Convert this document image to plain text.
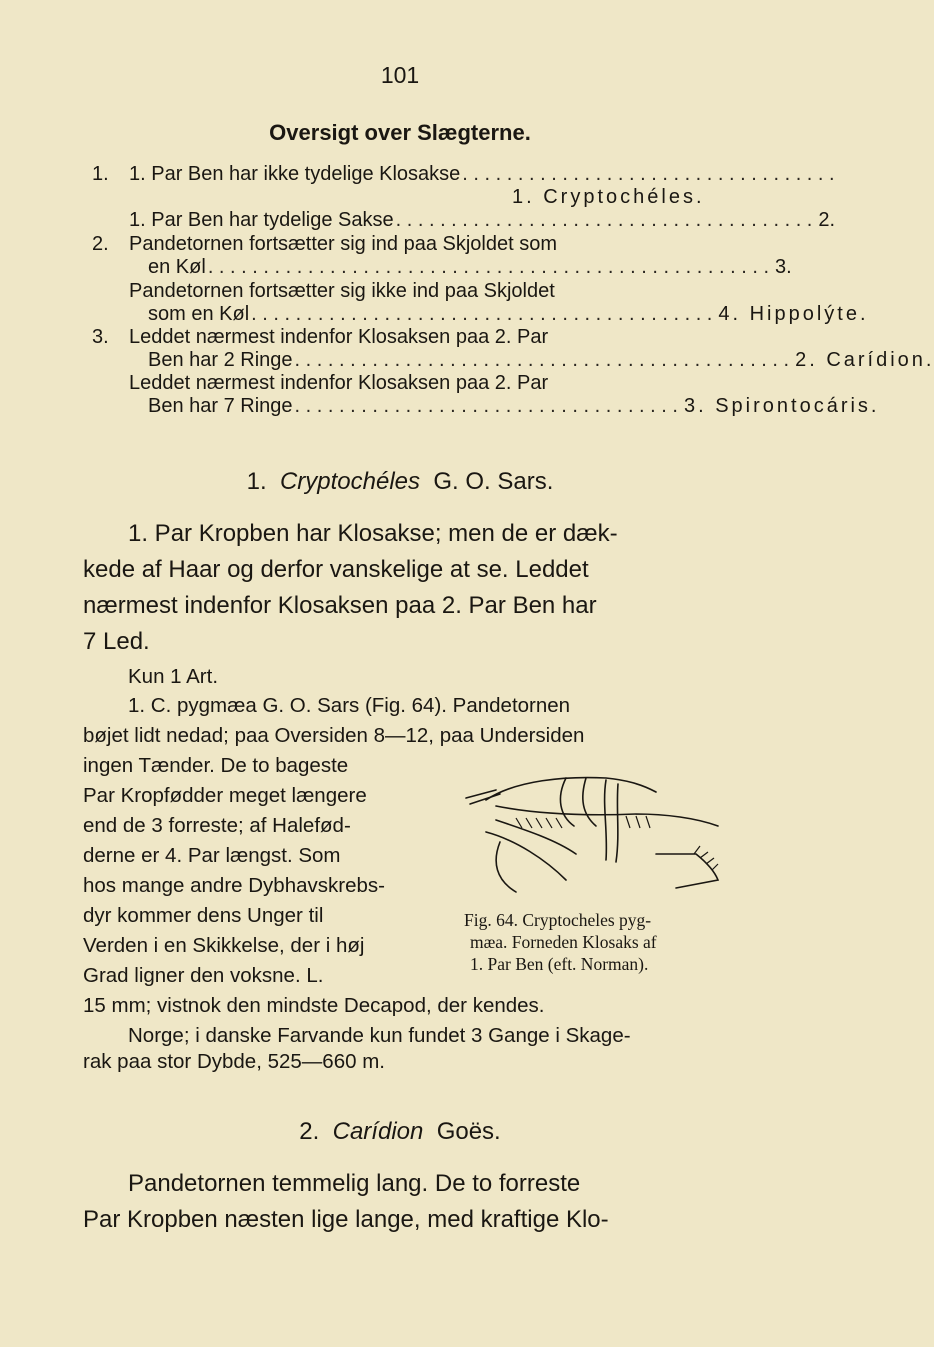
101
Oversigt over Slægterne.
1. 1. Par Ben har ikke tydelige Klosakse . . . . . . . . . . . . . . . . . . . . . . . . . . . . . . . . . .
1. Cryptochéles.
1. Par Ben har tydelige Sakse . . . . . . . . . . . . . . . . . . . . . . . . . . . . . . . . . . . . . . 2.
2. Pandetornen fortsætter sig ind paa Skjoldet som
en Køl . . . . . . . . . . . . . . . . . . . . . . . . . . . . . . . . . . . . . . . . . . . . . . . . . . . 3.
Pandetornen fortsætter sig ikke ind paa Skjoldet
som en Køl . . . . . . . . . . . . . . . . . . . . . . . . . . . . . . . . . . . . . . . . . . 4. Hippolýte.
3. Leddet nærmest indenfor Klosaksen paa 2. Par
Ben har 2 Ringe . . . . . . . . . . . . . . . . . . . . . . . . . . . . . . . . . . . . . . . . . . . . . 2. Carídion.
Leddet nærmest indenfor Klosaksen paa 2. Par
Ben har 7 Ringe . . . . . . . . . . . . . . . . . . . . . . . . . . . . . . . . . . . 3. Spirontocáris.
1. Cryptochéles G. O. Sars.
1. Par Kropben har Klosakse; men de er dæk-
kede af Haar og derfor vanskelige at se. Leddet
nærmest indenfor Klosaksen paa 2. Par Ben har
7 Led.
Kun 1 Art.
1. C. pygmæa G. O. Sars (Fig. 64). Pandetornen
bøjet lidt nedad; paa Oversiden 8—12, paa Undersiden
ingen Tænder. De to bageste
Par Kropfødder meget længere
end de 3 forreste; af Halefød-
derne er 4. Par længst. Som
hos mange andre Dybhavskrebs-
dyr kommer dens Unger til
Verden i en Skikkelse, der i høj
Grad ligner den voksne. L.
15 mm; vistnok den mindste Decapod, der kendes.
Norge; i danske Farvande kun fundet 3 Gange i Skage-
rak paa stor Dybde, 525—660 m.
Fig. 64. Cryptocheles pyg-
mæa. Forneden Klosaks af
1. Par Ben (eft. Norman).
2. Carídion Goës.
Pandetornen temmelig lang. De to forreste
Par Kropben næsten lige lange, med kraftige Klo-
